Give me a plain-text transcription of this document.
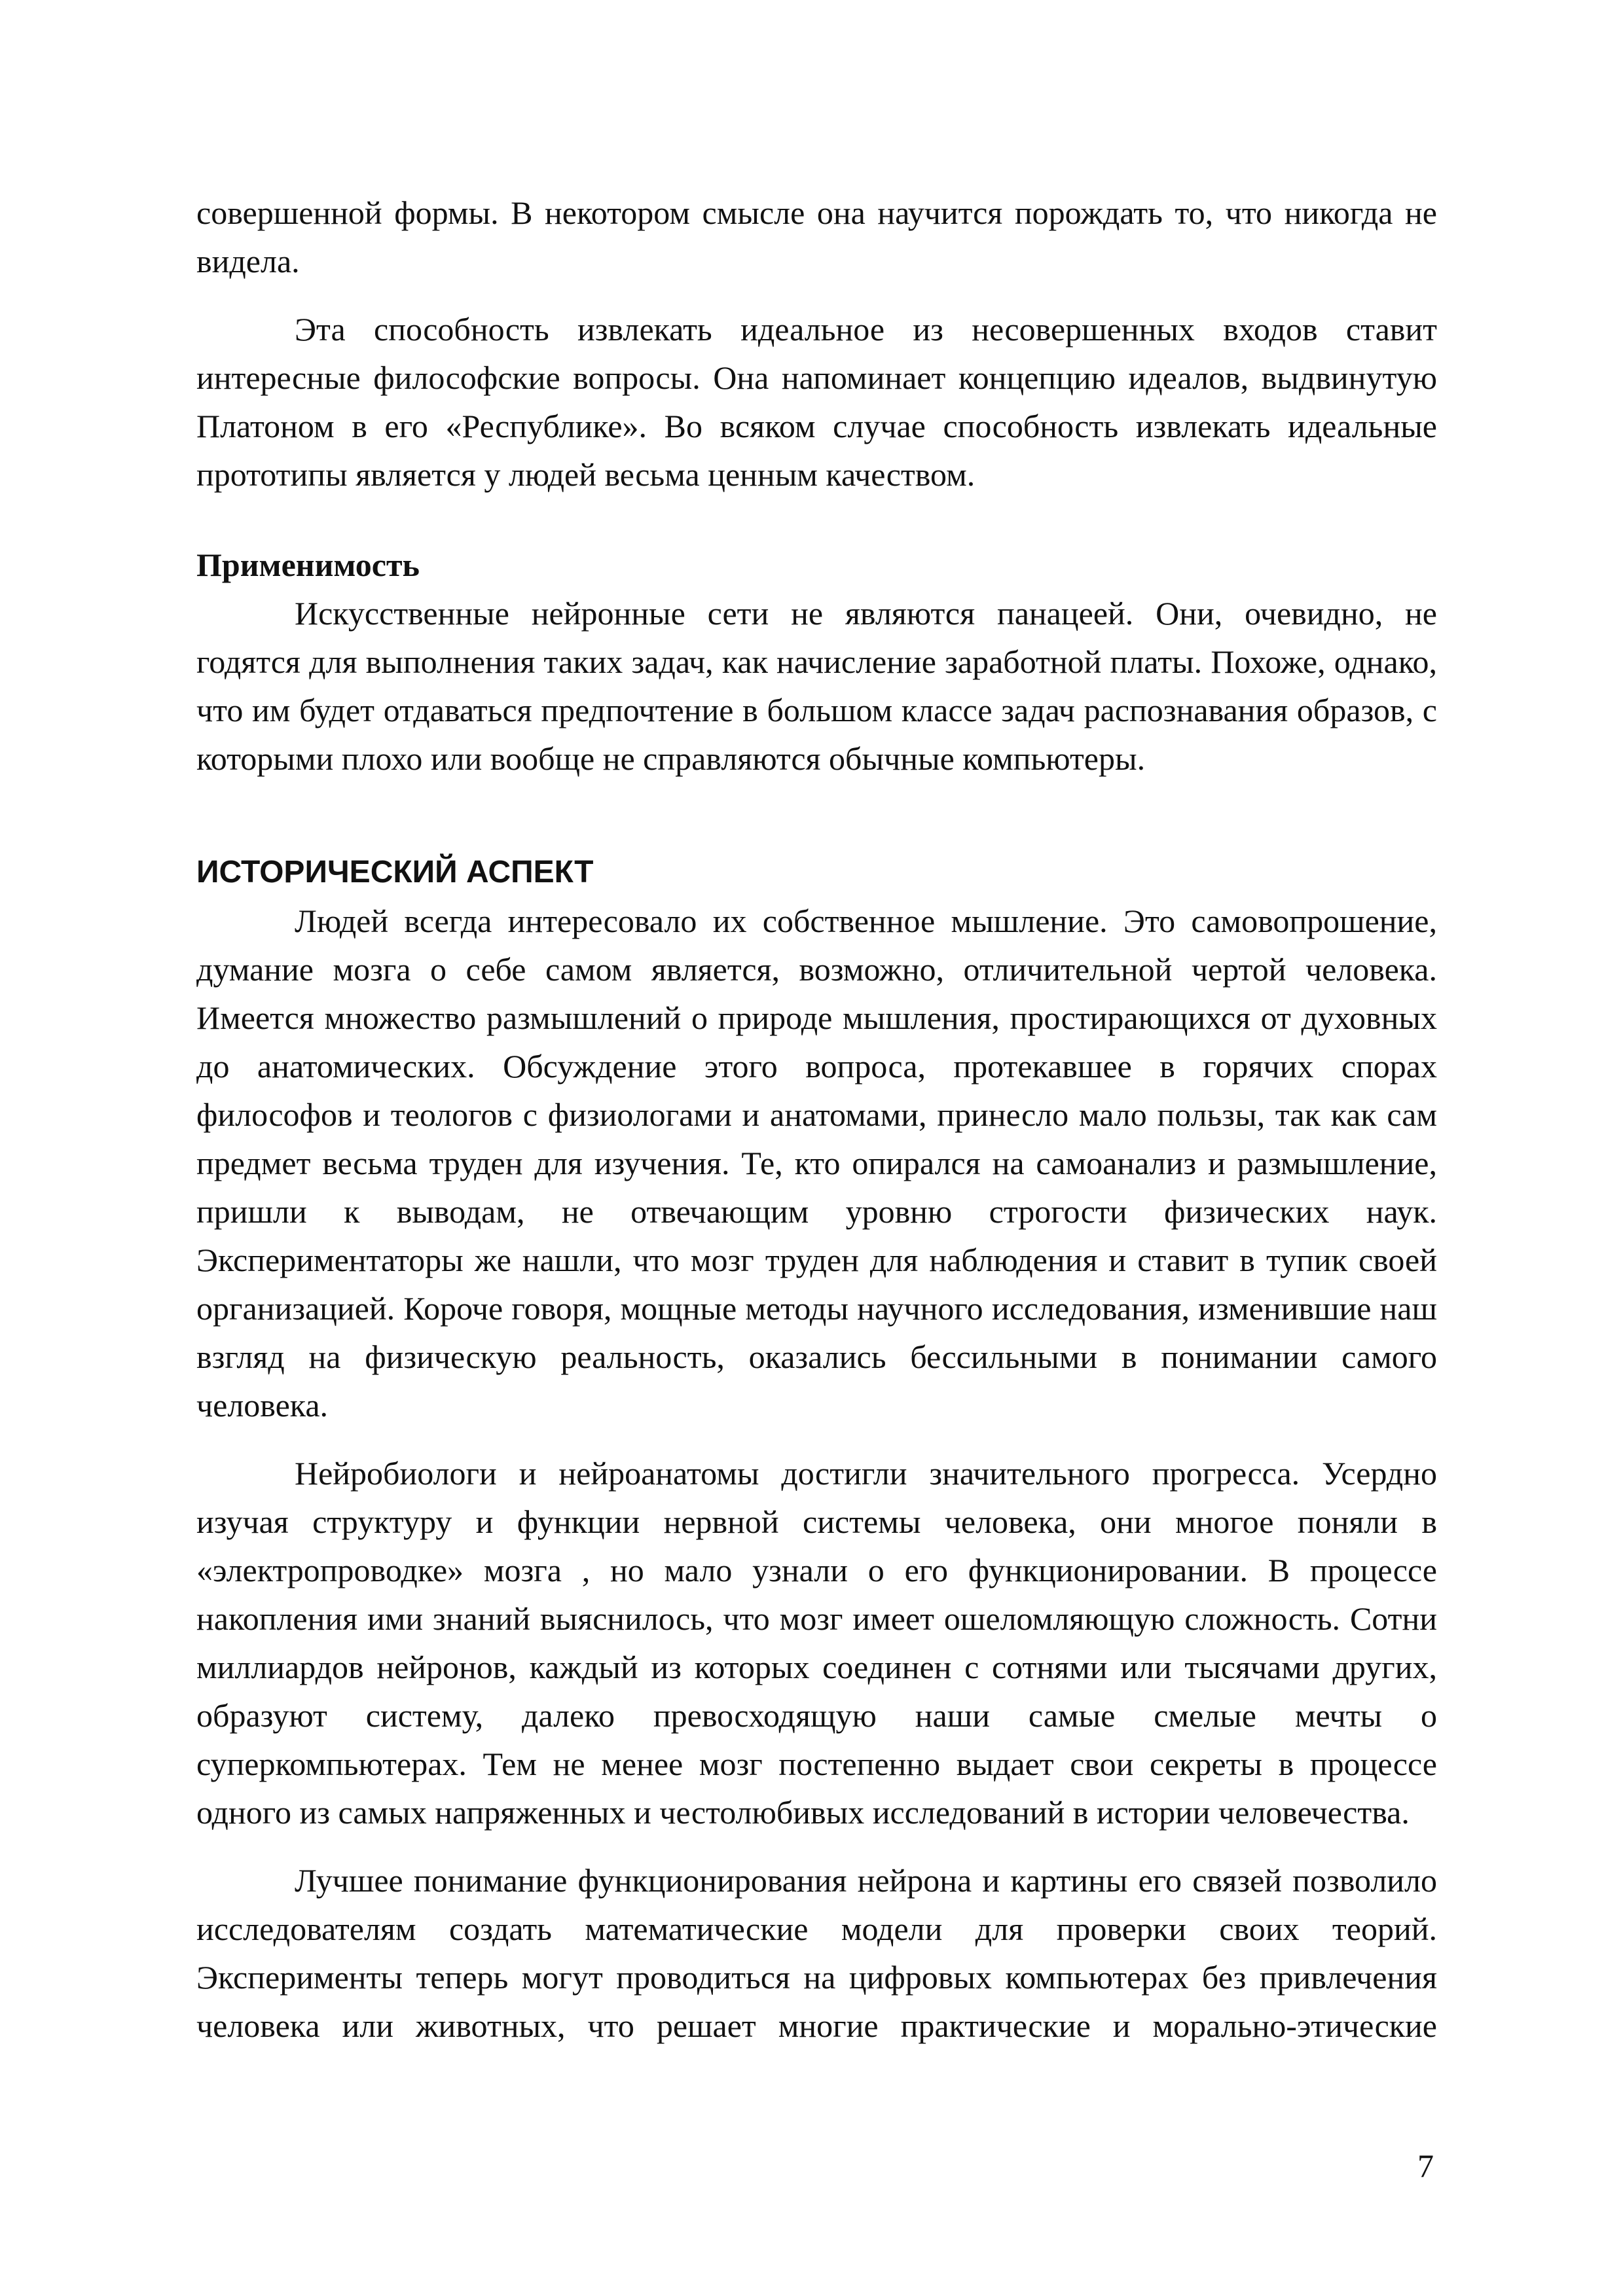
совершенной формы. В некотором смысле она научится порождать то, что никогда не видела.

Эта способность извлекать идеальное из несовершенных входов ставит интересные философские вопросы. Она напоминает концепцию идеалов, выдвинутую Платоном в его «Республике». Во всяком случае способность извлекать идеальные прототипы является у людей весьма ценным качеством.

Применимость

Искусственные нейронные сети не являются панацеей. Они, очевидно, не годятся для выполнения таких задач, как начисление заработной платы. Похоже, однако, что им будет отдаваться предпочтение в большом классе задач распознавания образов, с которыми плохо или вообще не справляются обычные компьютеры.

ИСТОРИЧЕСКИЙ АСПЕКТ

Людей всегда интересовало их собственное мышление. Это самовопрошение, думание мозга о себе самом является, возможно, отличительной чертой человека. Имеется множество размышлений о природе мышления, простирающихся от духовных до анатомических. Обсуждение этого вопроса, протекавшее в горячих спорах философов и теологов с физиологами и анатомами, принесло мало пользы, так как сам предмет весьма труден для изучения. Те, кто опирался на самоанализ и размышление, пришли к выводам, не отвечающим уровню строгости физических наук. Экспериментаторы же нашли, что мозг труден для наблюдения и ставит в тупик своей организацией. Короче говоря, мощные методы научного исследования, изменившие наш взгляд на физическую реальность, оказались бессильными в понимании самого человека.

Нейробиологи и нейроанатомы достигли значительного прогресса. Усердно изучая структуру и функции нервной системы человека, они многое поняли в «электропроводке» мозга , но мало узнали о его функционировании. В процессе накопления ими знаний выяснилось, что мозг имеет ошеломляющую сложность. Сотни миллиардов нейронов, каждый из которых соединен с сотнями или тысячами других, образуют систему, далеко превосходящую наши самые смелые мечты о суперкомпьютерах. Тем не менее мозг постепенно выдает свои секреты в процессе одного из самых напряженных и честолюбивых исследований в истории человечества.

Лучшее понимание функционирования нейрона и картины его связей позволило исследователям создать математические модели для проверки своих теорий. Эксперименты теперь могут проводиться на цифровых компьютерах без привлечения человека или животных, что решает многие практические и морально-этические

7
